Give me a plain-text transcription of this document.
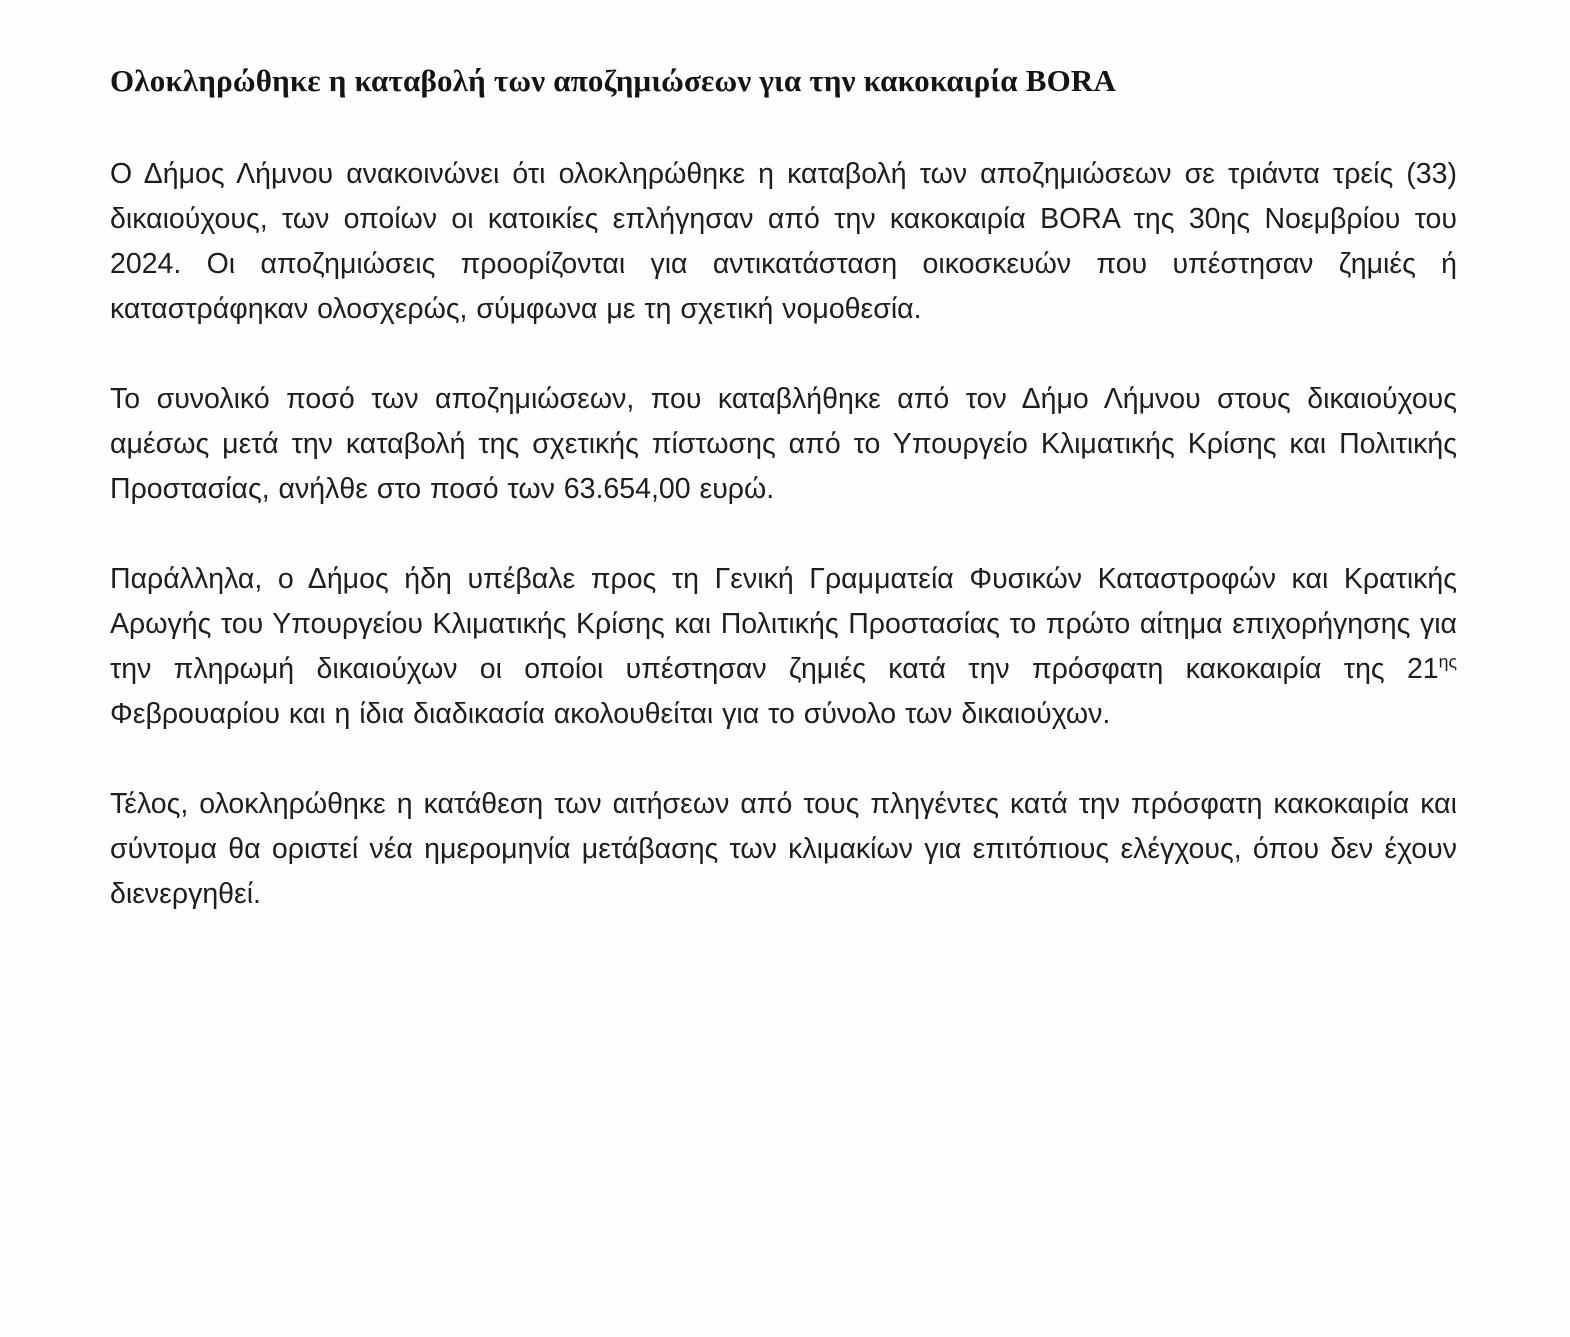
Ολοκληρώθηκε η καταβολή των αποζημιώσεων για την κακοκαιρία BORA

Ο Δήμος Λήμνου ανακοινώνει ότι ολοκληρώθηκε η καταβολή των αποζημιώσεων σε τριάντα τρείς (33) δικαιούχους, των οποίων οι κατοικίες επλήγησαν από την κακοκαιρία BORA της 30ης Νοεμβρίου του 2024. Οι αποζημιώσεις προορίζονται για αντικατάσταση οικοσκευών που υπέστησαν ζημιές ή καταστράφηκαν ολοσχερώς, σύμφωνα με τη σχετική νομοθεσία.

Το συνολικό ποσό των αποζημιώσεων, που καταβλήθηκε από τον Δήμο Λήμνου στους δικαιούχους αμέσως μετά την καταβολή της σχετικής πίστωσης από το Υπουργείο Κλιματικής Κρίσης και Πολιτικής Προστασίας, ανήλθε στο ποσό των 63.654,00 ευρώ.

Παράλληλα, ο Δήμος ήδη υπέβαλε προς τη Γενική Γραμματεία Φυσικών Καταστροφών και Κρατικής Αρωγής του Υπουργείου Κλιματικής Κρίσης και Πολιτικής Προστασίας το πρώτο αίτημα επιχορήγησης για την πληρωμή δικαιούχων οι οποίοι υπέστησαν ζημιές κατά την πρόσφατη κακοκαιρία της $21^{\eta\varsigma}$ Φεβρουαρίου και η ίδια διαδικασία ακολουθείται για το σύνολο των δικαιούχων.

Τέλος, ολοκληρώθηκε η κατάθεση των αιτήσεων από τους πληγέντες κατά την πρόσφατη κακοκαιρία και σύντομα θα οριστεί νέα ημερομηνία μετάβασης των κλιμακίων για επιτόπιους ελέγχους, όπου δεν έχουν διενεργηθεί.
